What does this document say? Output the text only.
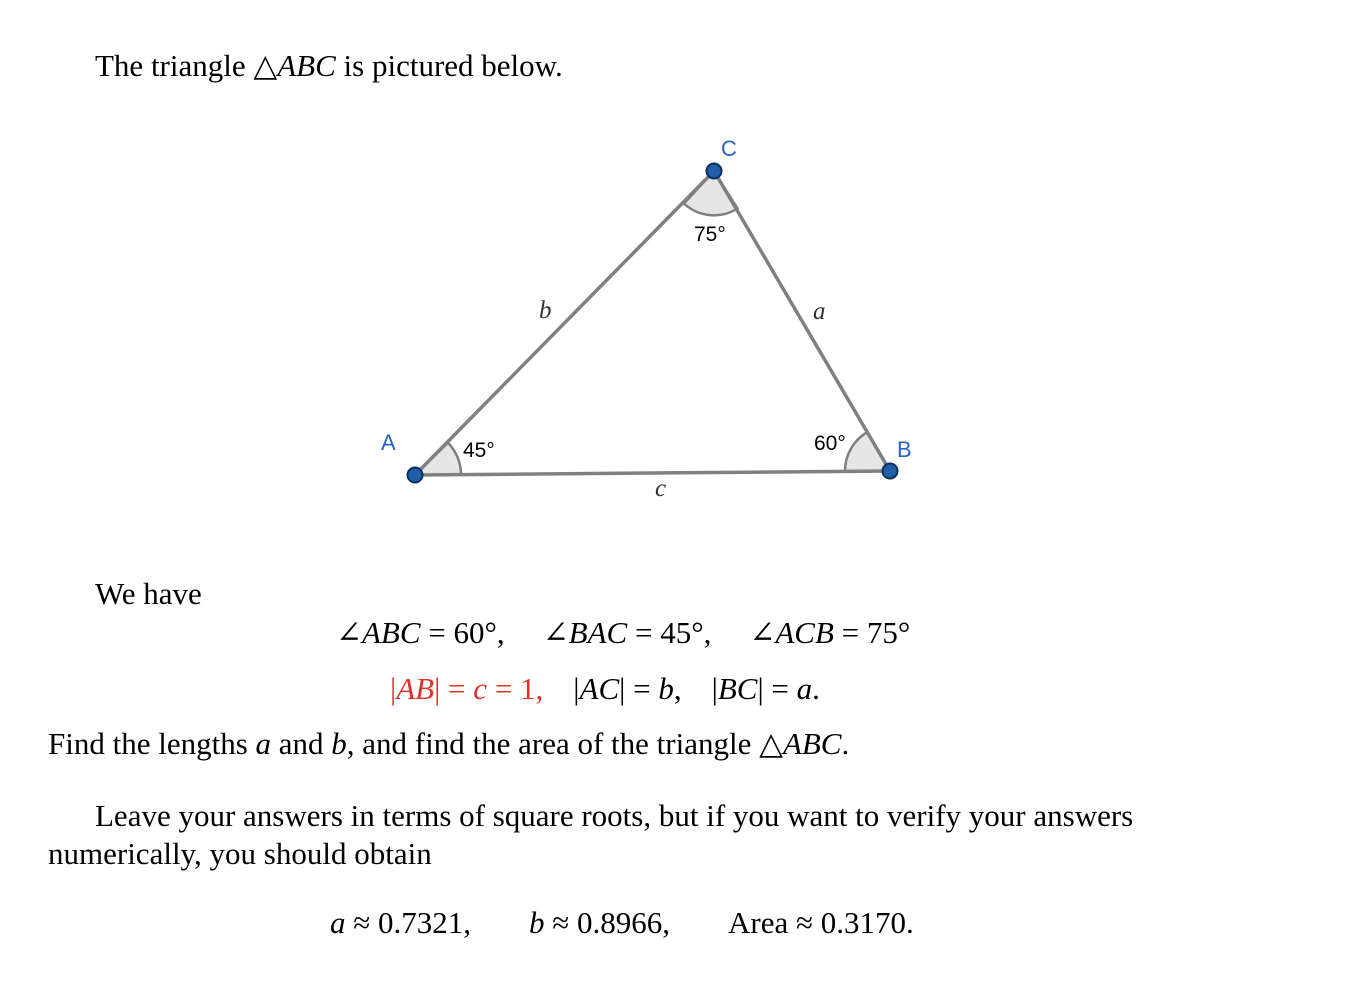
The triangle △ABC is pictured below.
A	B
C
45°	60°
75°
b	a
c
We have
∠ABC = 60°, ∠BAC = 45°, ∠ACB = 75°
|AB| = c = 1, |AC| = b, |BC| = a.
Find the lengths a and b, and find the area of the triangle △ABC.
Leave your answers in terms of square roots, but if you want to verify your answers
numerically, you should obtain
a ≈ 0.7321, b ≈ 0.8966, Area ≈ 0.3170.
